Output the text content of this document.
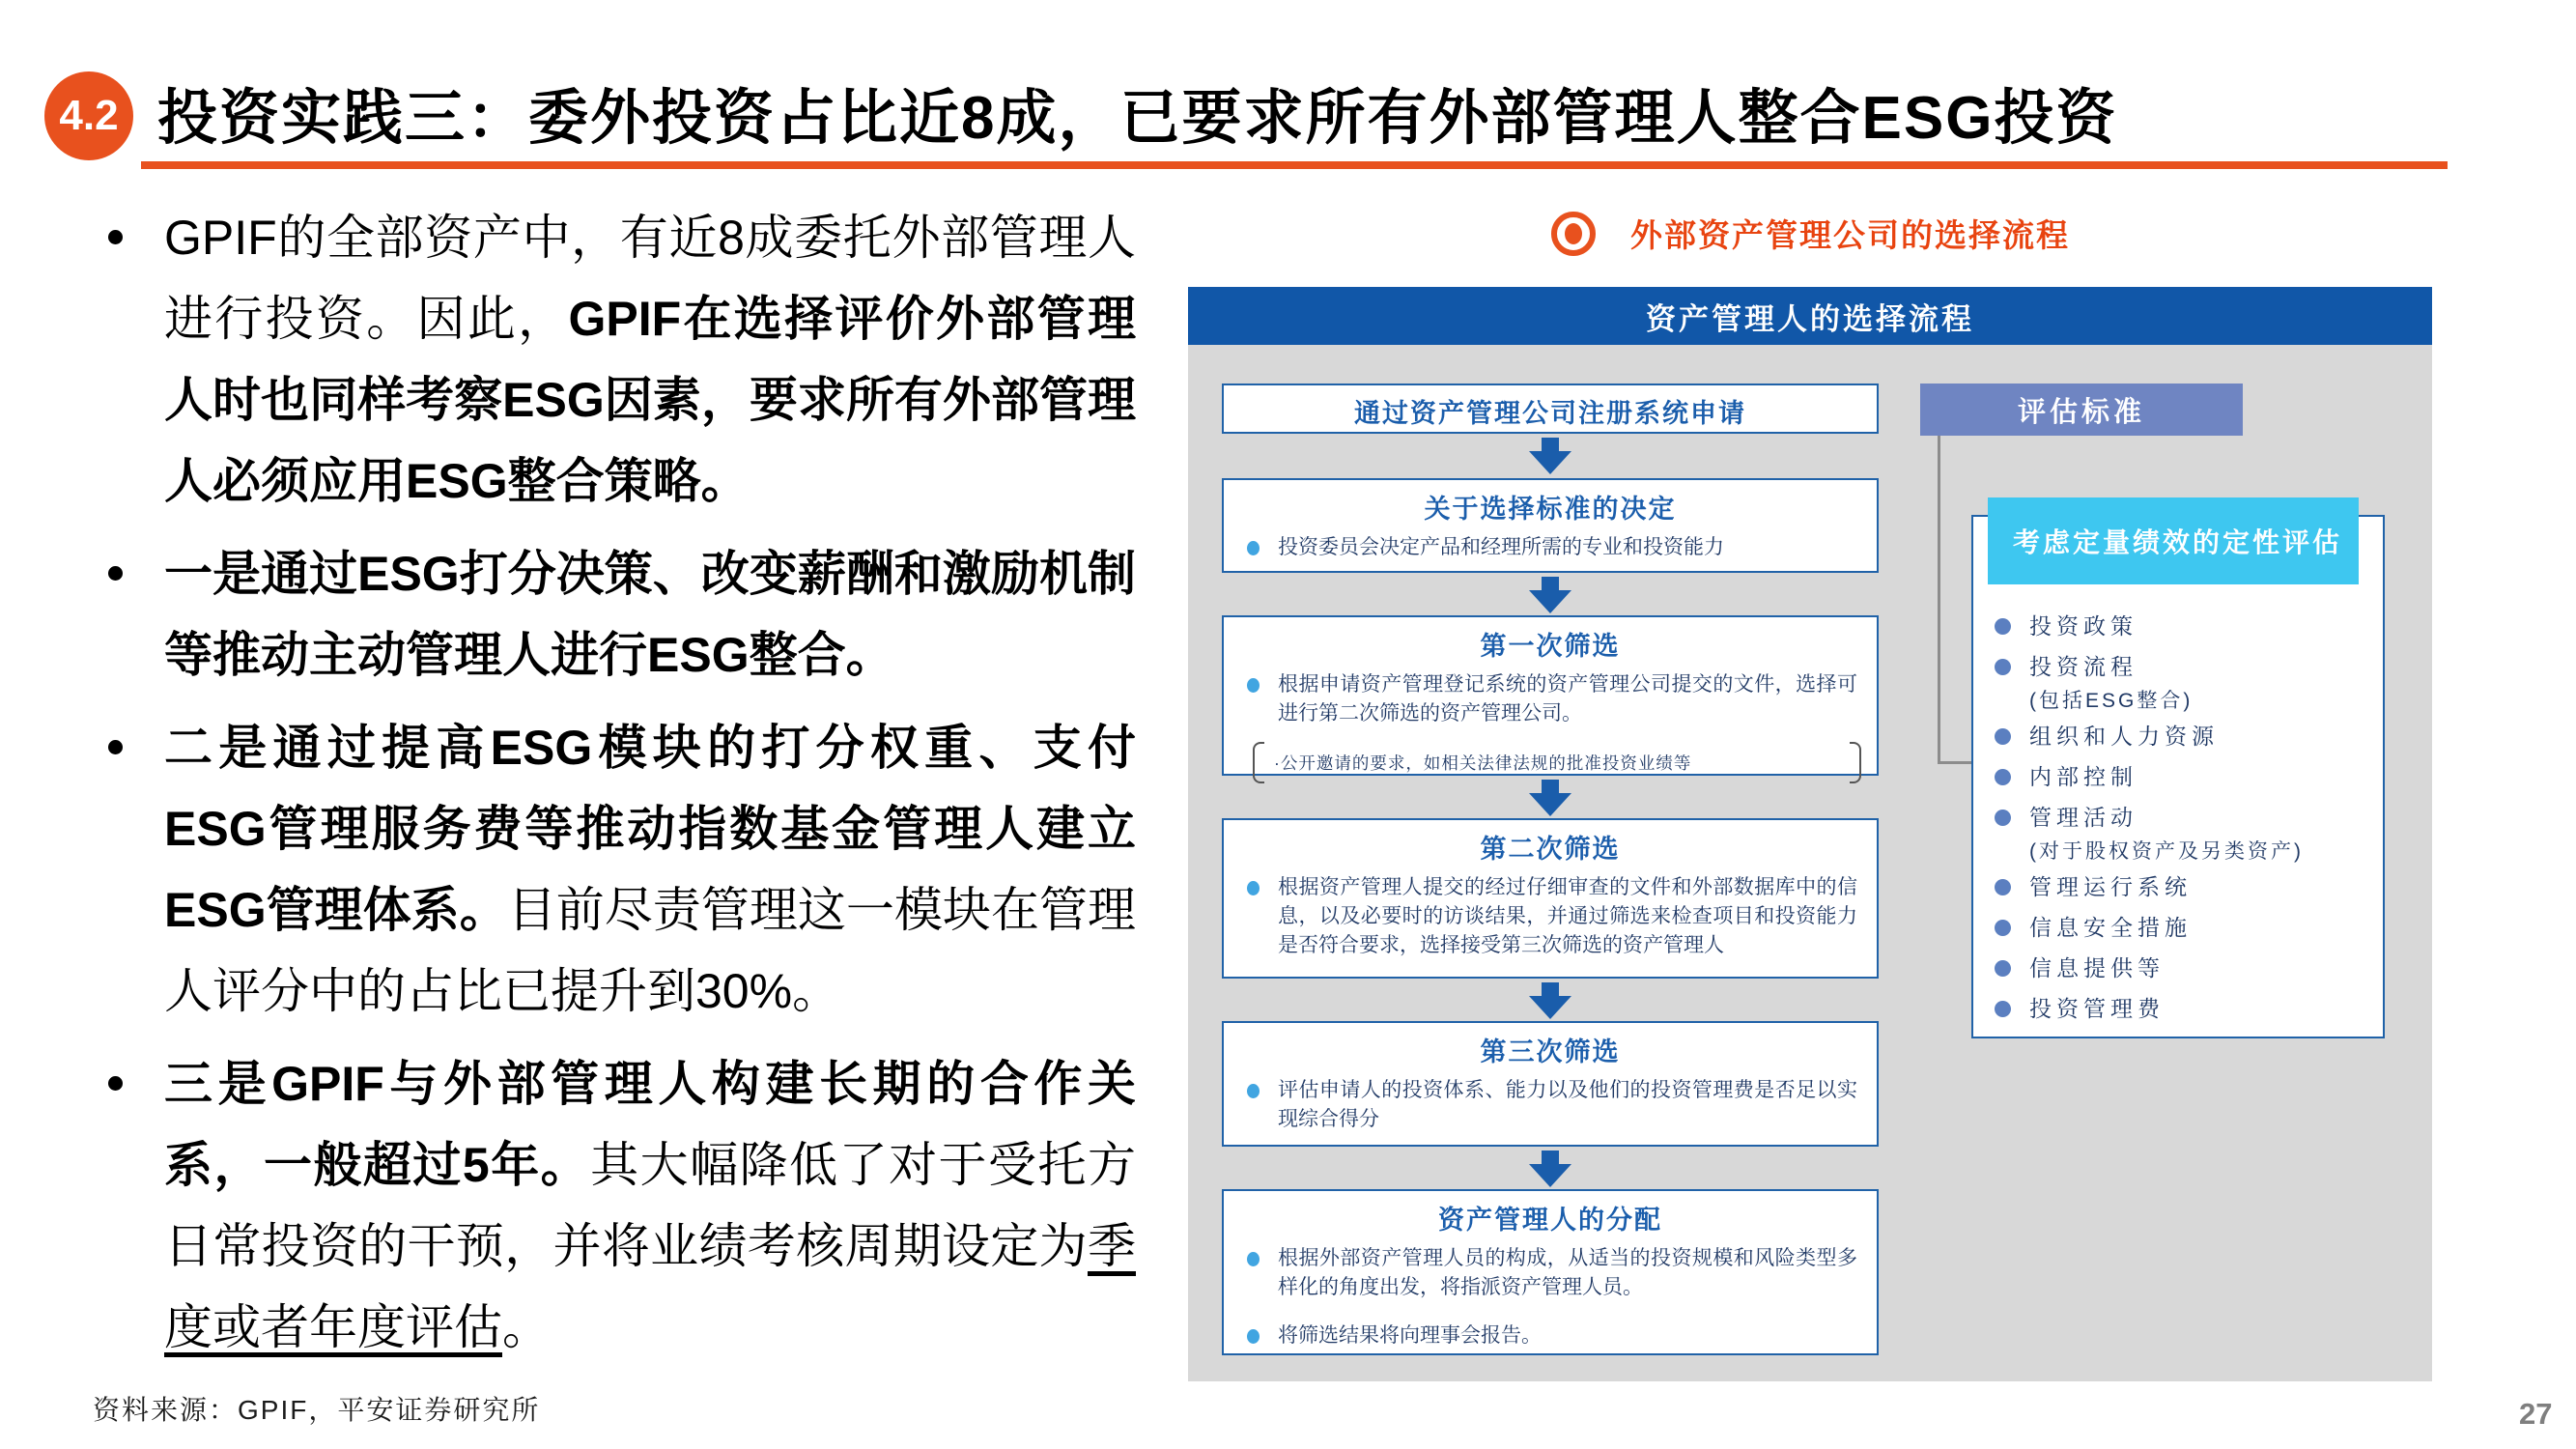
4.2 投资实践三：委外投资占比近8成，已要求所有外部管理人整合ESG投资
GPIF的全部资产中，有近8成委托外部管理人进行投资。因此，GPIF在选择评价外部管理人时也同样考察ESG因素，要求所有外部管理人必须应用ESG整合策略。
一是通过ESG打分决策、改变薪酬和激励机制等推动主动管理人进行ESG整合。
二是通过提高ESG模块的打分权重、支付ESG管理服务费等推动指数基金管理人建立ESG管理体系。目前尽责管理这一模块在管理人评分中的占比已提升到30%。
三是GPIF与外部管理人构建长期的合作关系，一般超过5年。其大幅降低了对于受托方日常投资的干预，并将业绩考核周期设定为季度或者年度评估。
外部资产管理公司的选择流程
资产管理人的选择流程
通过资产管理公司注册系统申请
关于选择标准的决定
投资委员会决定产品和经理所需的专业和投资能力
第一次筛选
根据申请资产管理登记系统的资产管理公司提交的文件，选择可进行第二次筛选的资产管理公司。
·公开邀请的要求，如相关法律法规的批准投资业绩等
第二次筛选
根据资产管理人提交的经过仔细审查的文件和外部数据库中的信息，以及必要时的访谈结果，并通过筛选来检查项目和投资能力是否符合要求，选择接受第三次筛选的资产管理人
第三次筛选
评估申请人的投资体系、能力以及他们的投资管理费是否足以实现综合得分
资产管理人的分配
根据外部资产管理人员的构成，从适当的投资规模和风险类型多样化的角度出发，将指派资产管理人员。
将筛选结果将向理事会报告。
评估标准
考虑定量绩效的定性评估
投资政策
投资流程
(包括ESG整合)
组织和人力资源
内部控制
管理活动
(对于股权资产及另类资产)
管理运行系统
信息安全措施
信息提供等
投资管理费
资料来源：GPIF，平安证券研究所	27
